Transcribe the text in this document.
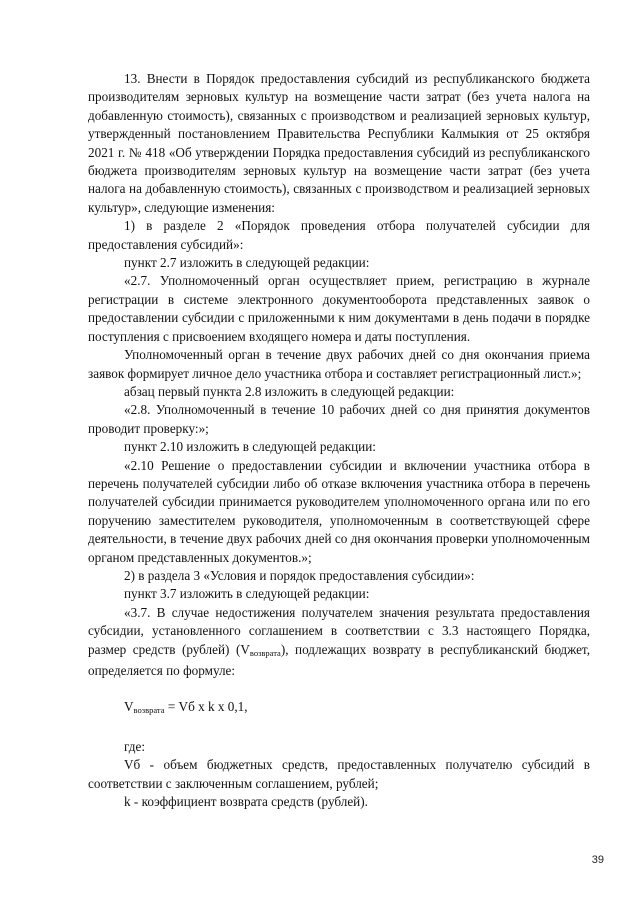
13. Внести в Порядок предоставления субсидий из республиканского бюджета производителям зерновых культур на возмещение части затрат (без учета налога на добавленную стоимость), связанных с производством и реализацией зерновых культур, утвержденный постановлением Правительства Республики Калмыкия от 25 октября 2021 г. № 418 «Об утверждении Порядка предоставления субсидий из республиканского бюджета производителям зерновых культур на возмещение части затрат (без учета налога на добавленную стоимость), связанных с производством и реализацией зерновых культур», следующие изменения:

1) в разделе 2 «Порядок проведения отбора получателей субсидии для предоставления субсидий»:

пункт 2.7 изложить в следующей редакции:

«2.7. Уполномоченный орган осуществляет прием, регистрацию в журнале регистрации в системе электронного документооборота представленных заявок о предоставлении субсидии с приложенными к ним документами в день подачи в порядке поступления с присвоением входящего номера и даты поступления.

Уполномоченный орган в течение двух рабочих дней со дня окончания приема заявок формирует личное дело участника отбора и составляет регистрационный лист.»;

абзац первый пункта 2.8 изложить в следующей редакции:

«2.8. Уполномоченный в течение 10 рабочих дней со дня принятия документов проводит проверку:»;

пункт 2.10 изложить в следующей редакции:

«2.10 Решение о предоставлении субсидии и включении участника отбора в перечень получателей субсидии либо об отказе включения участника отбора в перечень получателей субсидии принимается руководителем уполномоченного органа или по его поручению заместителем руководителя, уполномоченным в соответствующей сфере деятельности, в течение двух рабочих дней со дня окончания проверки уполномоченным органом представленных документов.»;

2) в раздела 3 «Условия и порядок предоставления субсидии»:

пункт 3.7 изложить в следующей редакции:

«3.7. В случае недостижения получателем значения результата предоставления субсидии, установленного соглашением в соответствии с 3.3 настоящего Порядка, размер средств (рублей) $(V_{возврата})$, подлежащих возврату в республиканский бюджет, определяется по формуле:

$V_{возврата}$ = Vб x k x 0,1,

где:

Vб - объем бюджетных средств, предоставленных получателю субсидий в соответствии с заключенным соглашением, рублей;

k - коэффициент возврата средств (рублей).

39
